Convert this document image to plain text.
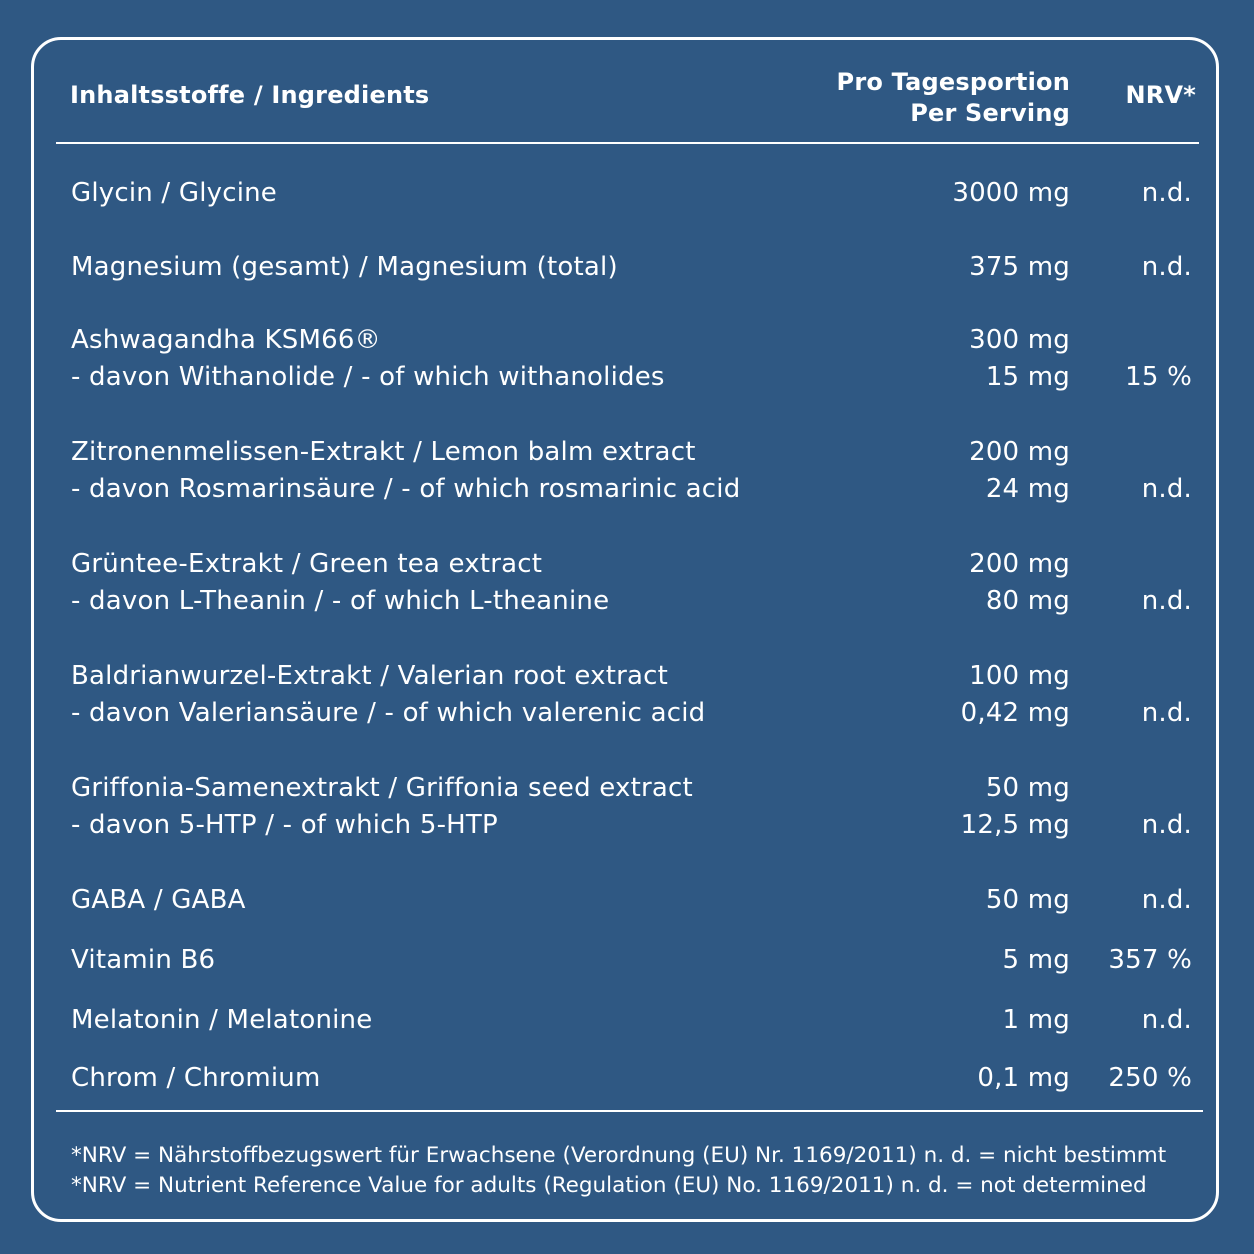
Inhaltsstoffe / Ingredients	Pro Tagesportion
Per Serving
NRV*
Glycin / Glycine	3000 mg	n.d.
Magnesium (gesamt) / Magnesium (total)	375 mg	n.d.
Ashwagandha KSM66®	300 mg
- davon Withanolide / - of which withanolides	15 mg 15 %
Zitronenmelissen-Extrakt / Lemon balm extract	200 mg
- davon Rosmarinsäure / - of which rosmarinic acid	24 mg	n.d.
Grüntee-Extrakt / Green tea extract	200 mg
- davon L-Theanin / - of which L-theanine	80 mg	n.d.
Baldrianwurzel-Extrakt / Valerian root extract	100 mg
- davon Valeriansäure / - of which valerenic acid	0,42 mg	n.d.
Griffonia-Samenextrakt / Griffonia seed extract	50 mg
- davon 5-HTP / - of which 5-HTP	12,5 mg	n.d.
GABA / GABA	50 mg	n.d.
Vitamin B6	5 mg 357 %
Melatonin / Melatonine	1 mg	n.d.
Chrom / Chromium	0,1 mg 250 %
*NRV = Nährstoffbezugswert für Erwachsene (Verordnung (EU) Nr. 1169/2011) n. d. = nicht bestimmt
*NRV = Nutrient Reference Value for adults (Regulation (EU) No. 1169/2011) n. d. = not determined
